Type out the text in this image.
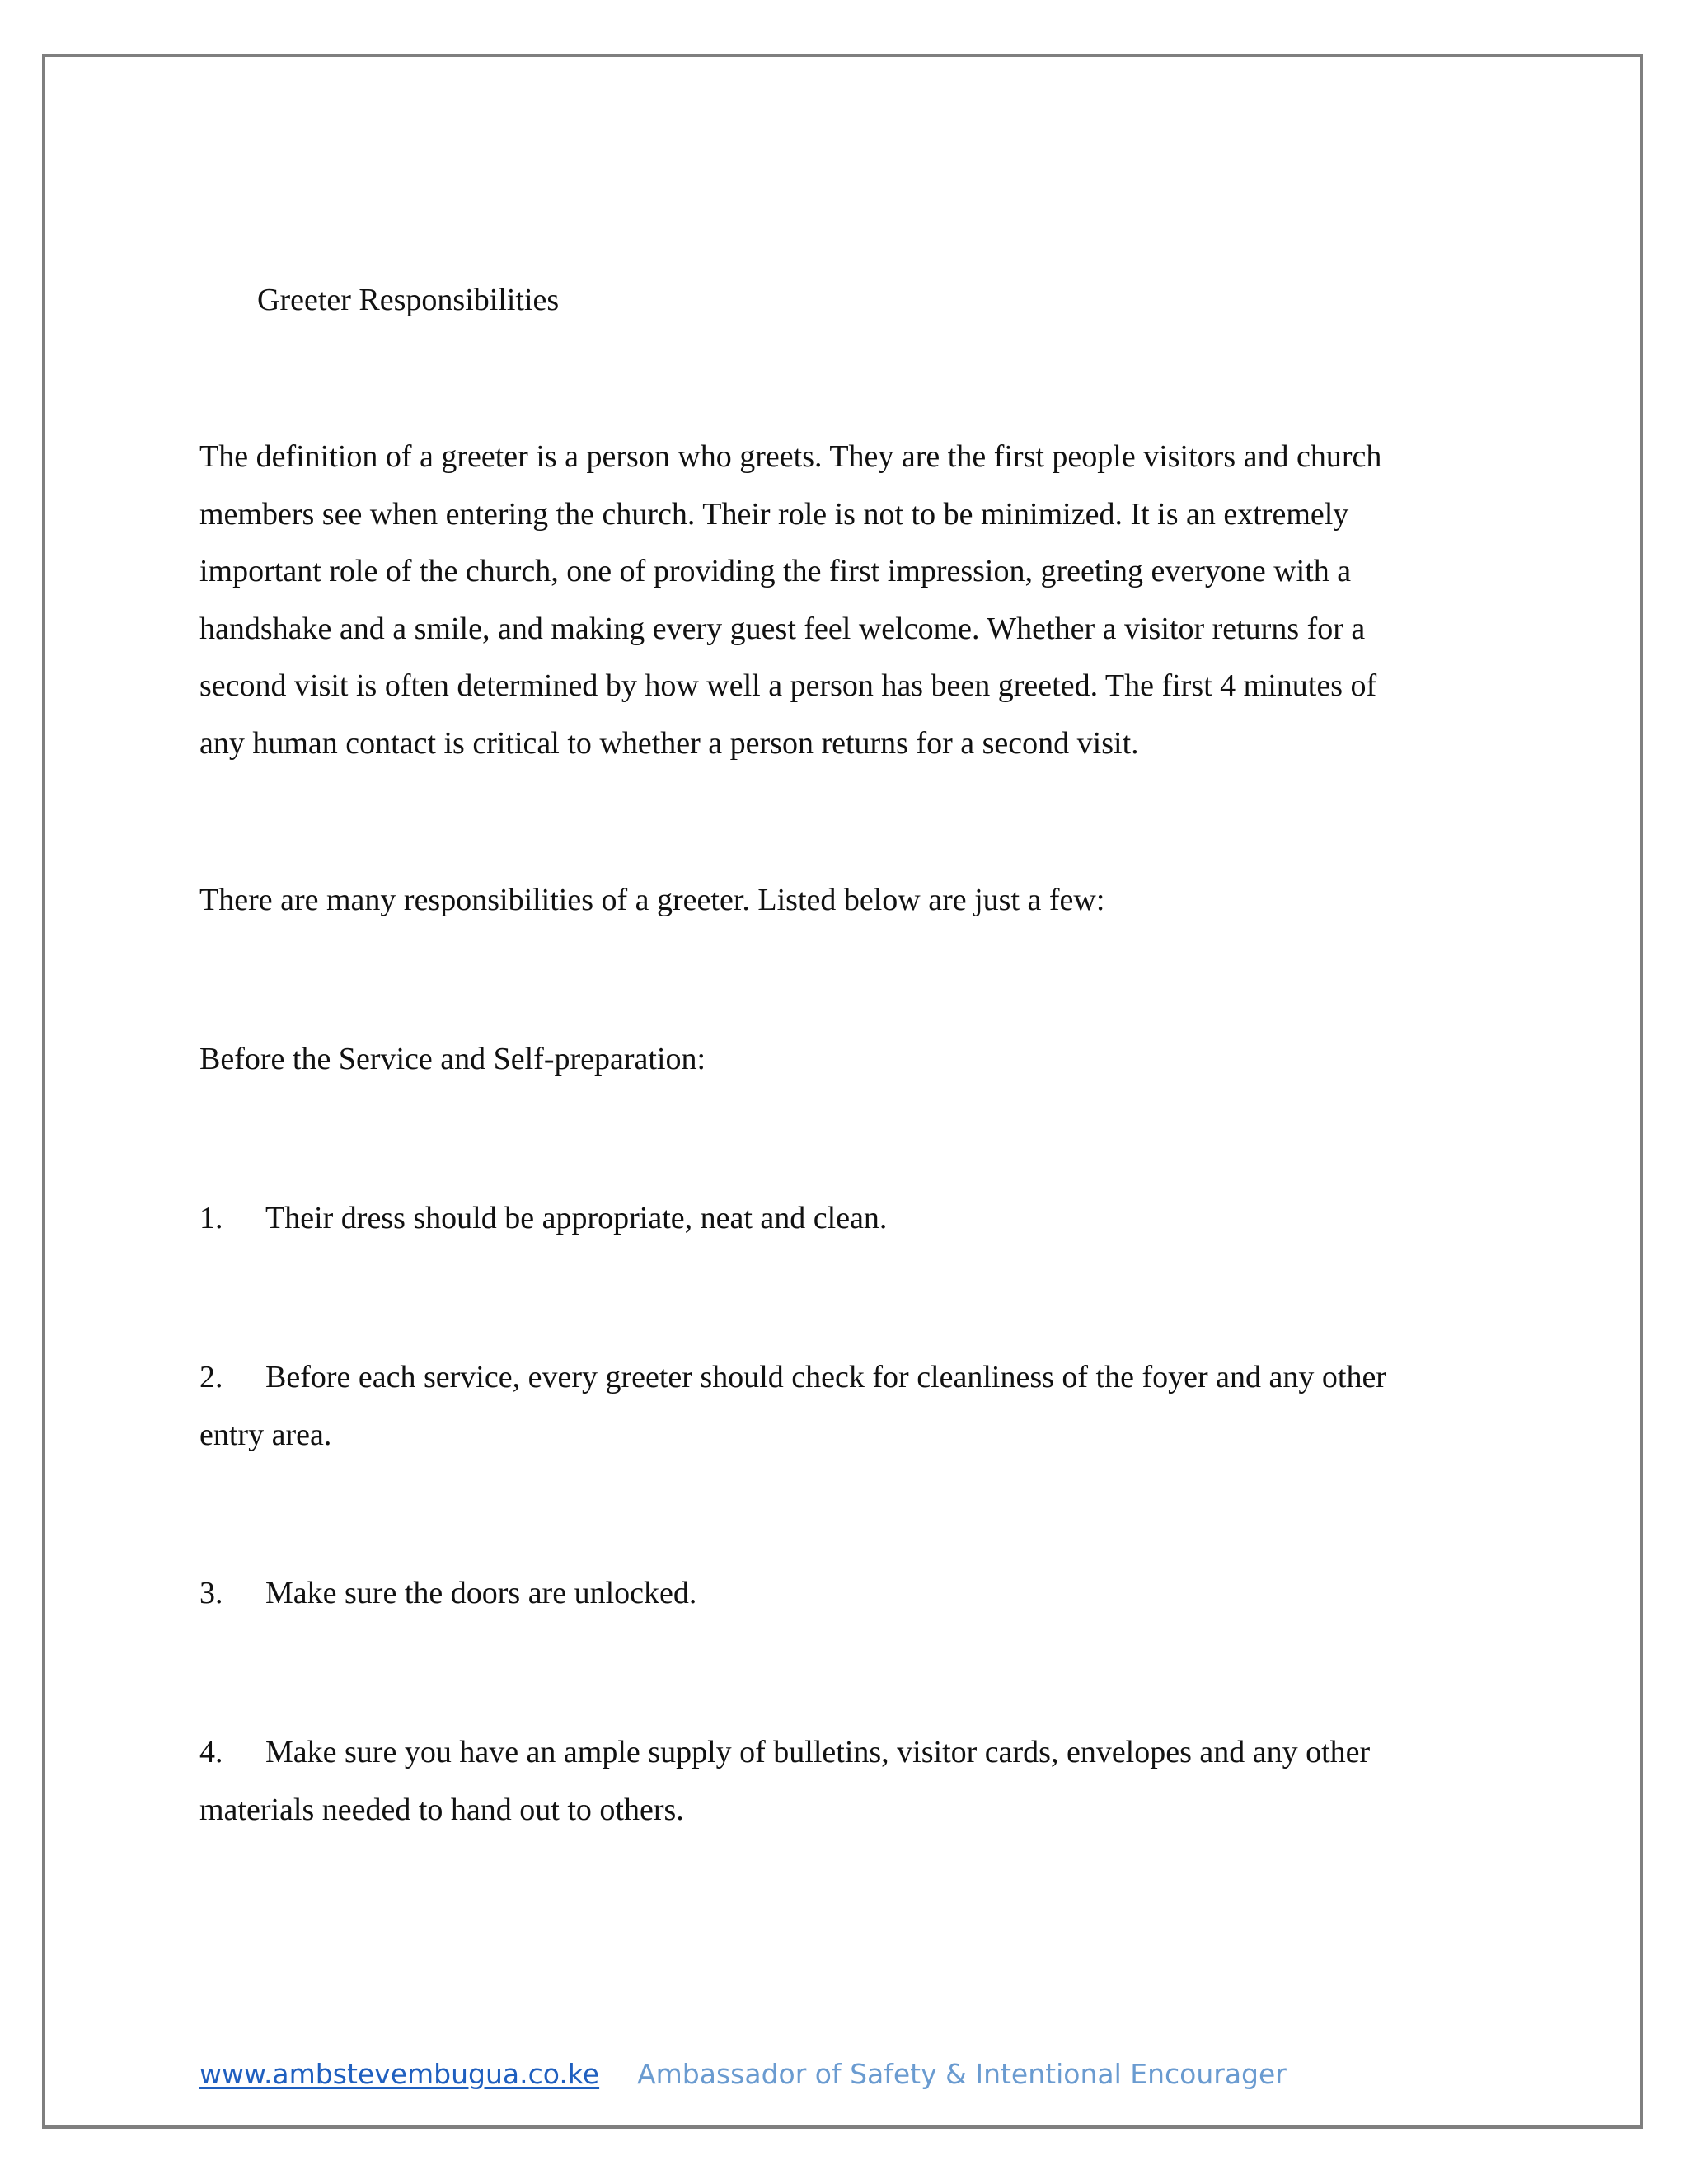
Greeter Responsibilities
The definition of a greeter is a person who greets. They are the first people visitors and church
members see when entering the church. Their role is not to be minimized. It is an extremely
important role of the church, one of providing the first impression, greeting everyone with a
handshake and a smile, and making every guest feel welcome. Whether a visitor returns for a
second visit is often determined by how well a person has been greeted. The first 4 minutes of
any human contact is critical to whether a person returns for a second visit.
There are many responsibilities of a greeter. Listed below are just a few:
Before the Service and Self-preparation:
1. Their dress should be appropriate, neat and clean.
2. Before each service, every greeter should check for cleanliness of the foyer and any other
entry area.
3. Make sure the doors are unlocked.
4. Make sure you have an ample supply of bulletins, visitor cards, envelopes and any other
materials needed to hand out to others.
www.ambstevembugua.co.ke Ambassador of Safety & Intentional Encourager
